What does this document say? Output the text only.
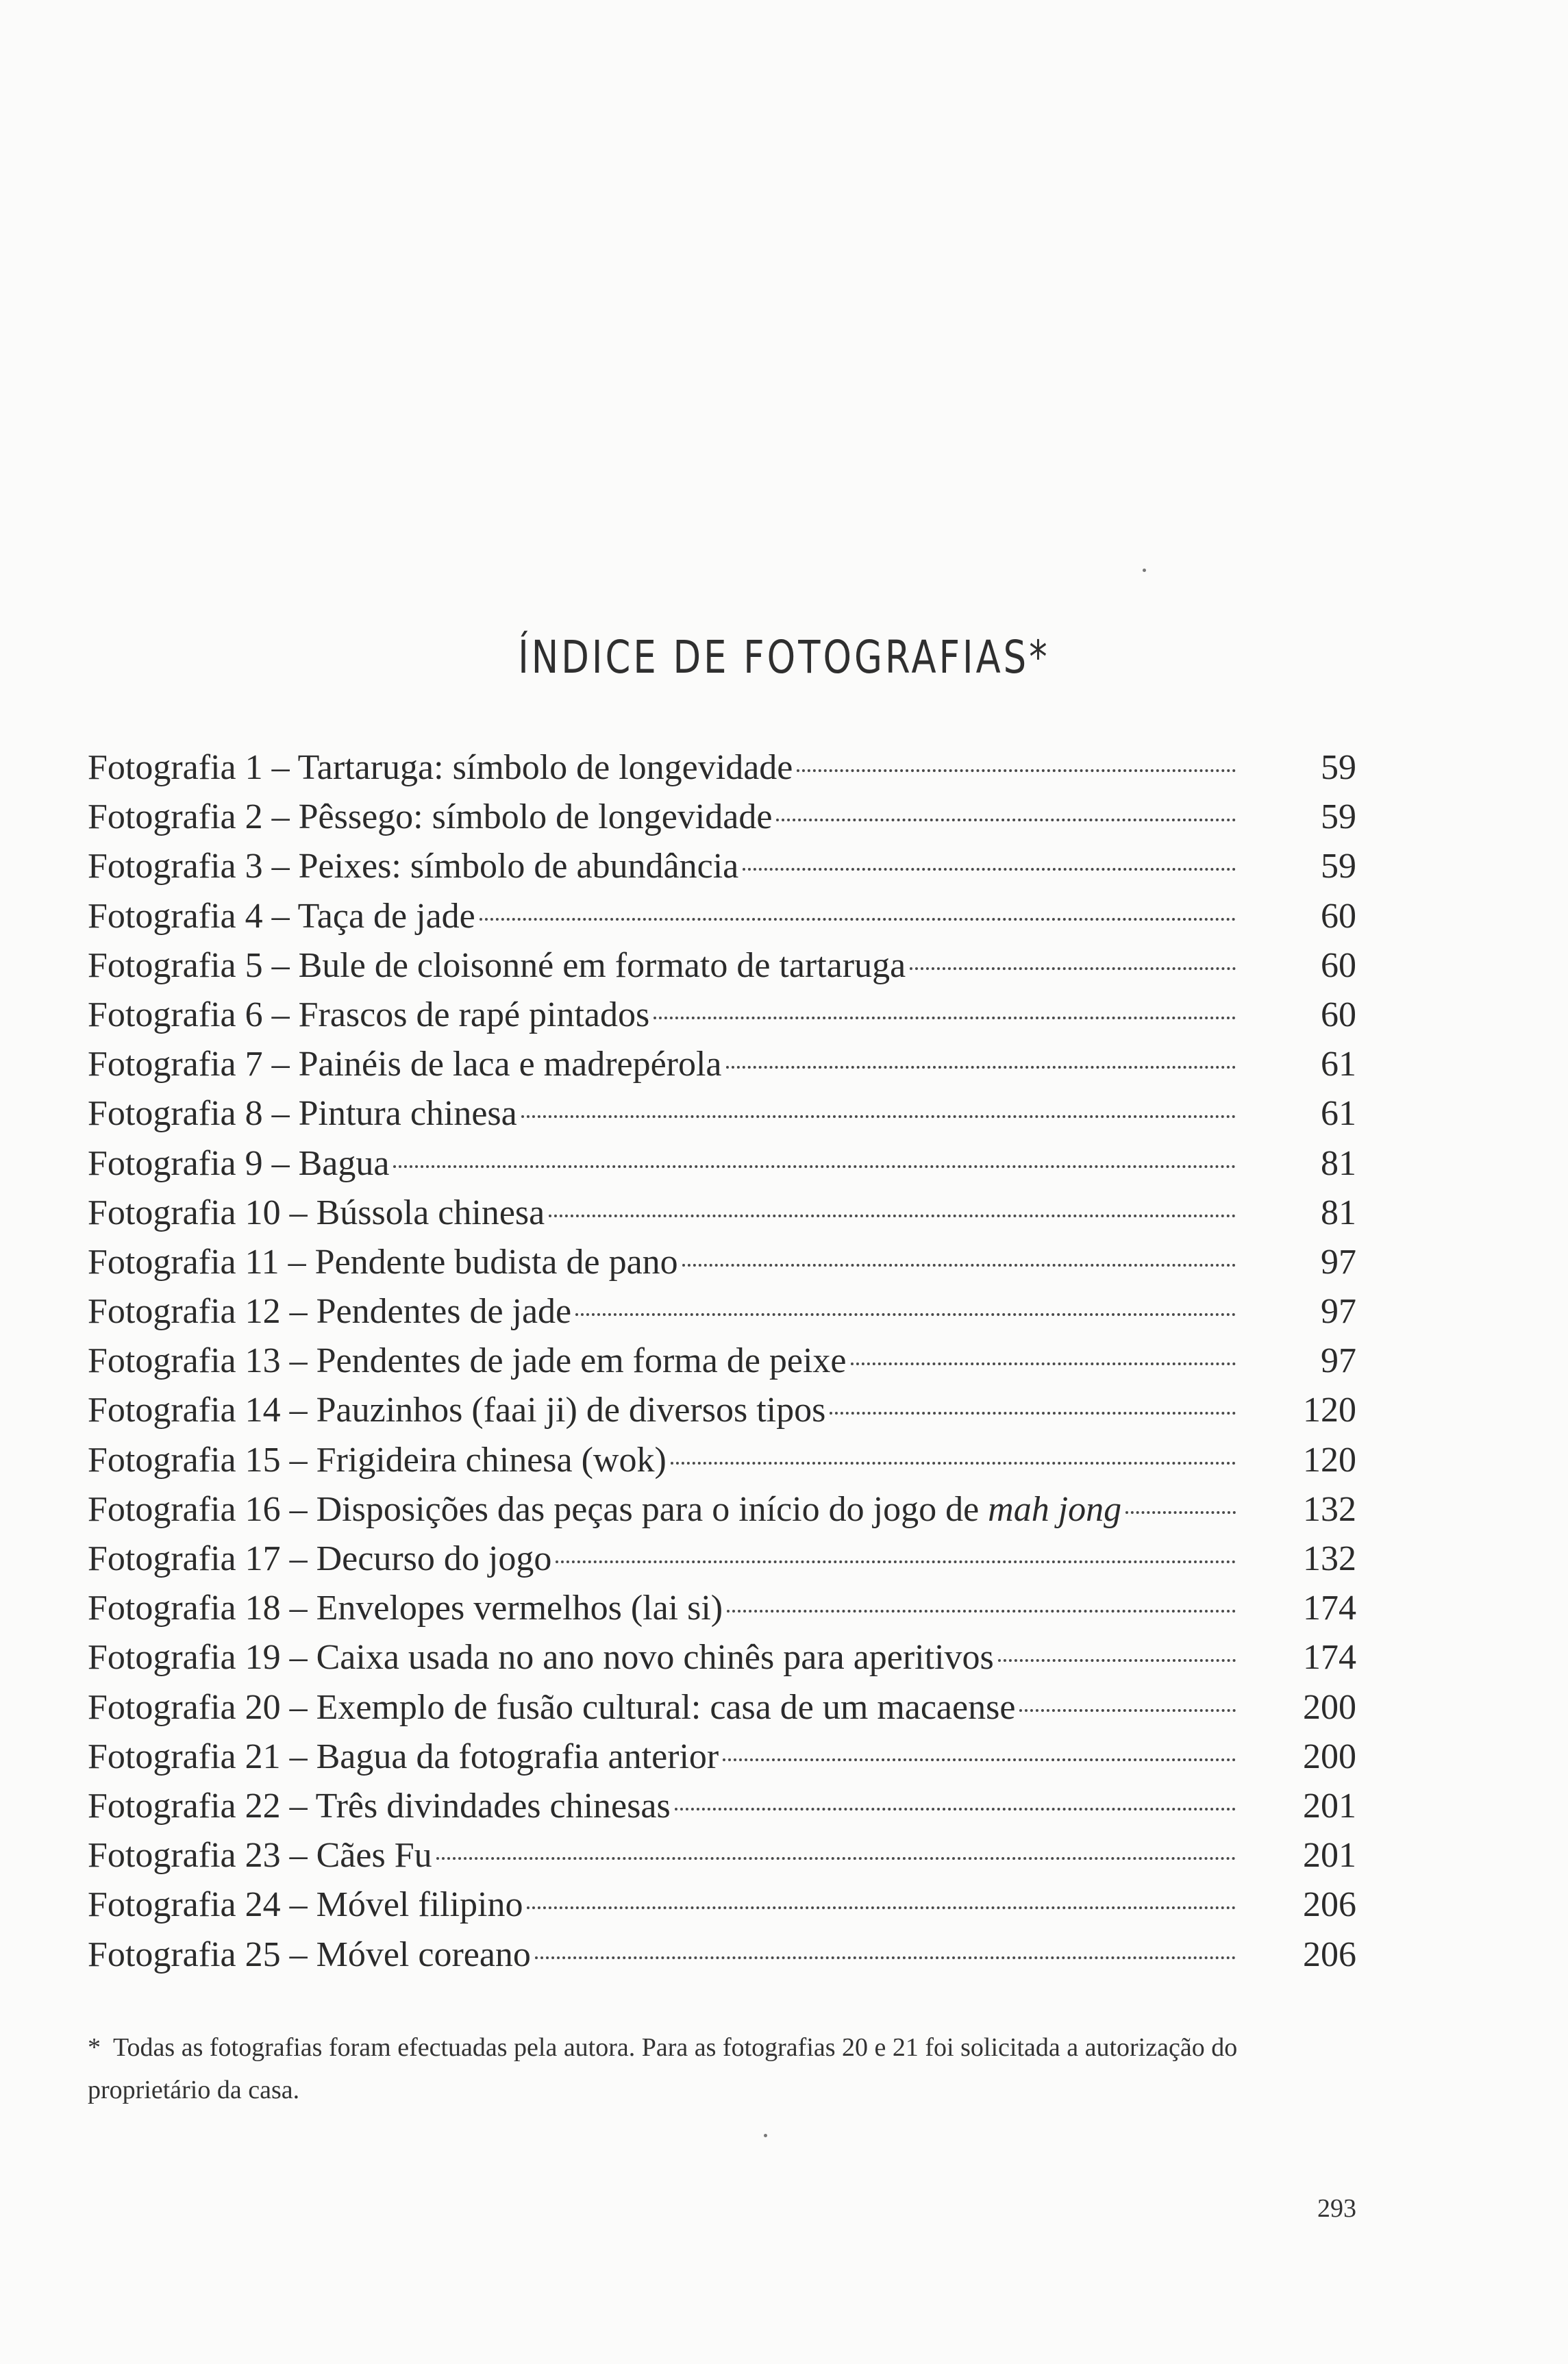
ÍNDICE DE FOTOGRAFIAS*
Fotografia 1 – Tartaruga: símbolo de longevidade	59
Fotografia 2 – Pêssego: símbolo de longevidade	59
Fotografia 3 – Peixes: símbolo de abundância	59
Fotografia 4 – Taça de jade	60
Fotografia 5 – Bule de cloisonné em formato de tartaruga	60
Fotografia 6 – Frascos de rapé pintados	60
Fotografia 7 – Painéis de laca e madrepérola	61
Fotografia 8 – Pintura chinesa	61
Fotografia 9 – Bagua	81
Fotografia 10 – Bússola chinesa	81
Fotografia 11 – Pendente budista de pano	97
Fotografia 12 – Pendentes de jade	97
Fotografia 13 – Pendentes de jade em forma de peixe	97
Fotografia 14 – Pauzinhos (faai ji) de diversos tipos	120
Fotografia 15 – Frigideira chinesa (wok)	120
Fotografia 16 – Disposições das peças para o início do jogo de mah jong	132
Fotografia 17 – Decurso do jogo	132
Fotografia 18 – Envelopes vermelhos (lai si)	174
Fotografia 19 – Caixa usada no ano novo chinês para aperitivos	174
Fotografia 20 – Exemplo de fusão cultural: casa de um macaense	200
Fotografia 21 – Bagua da fotografia anterior	200
Fotografia 22 – Três divindades chinesas	201
Fotografia 23 – Cães Fu	201
Fotografia 24 – Móvel filipino	206
Fotografia 25 – Móvel coreano	206

* Todas as fotografias foram efectuadas pela autora. Para as fotografias 20 e 21 foi solicitada a autorização do proprietário da casa.

293
